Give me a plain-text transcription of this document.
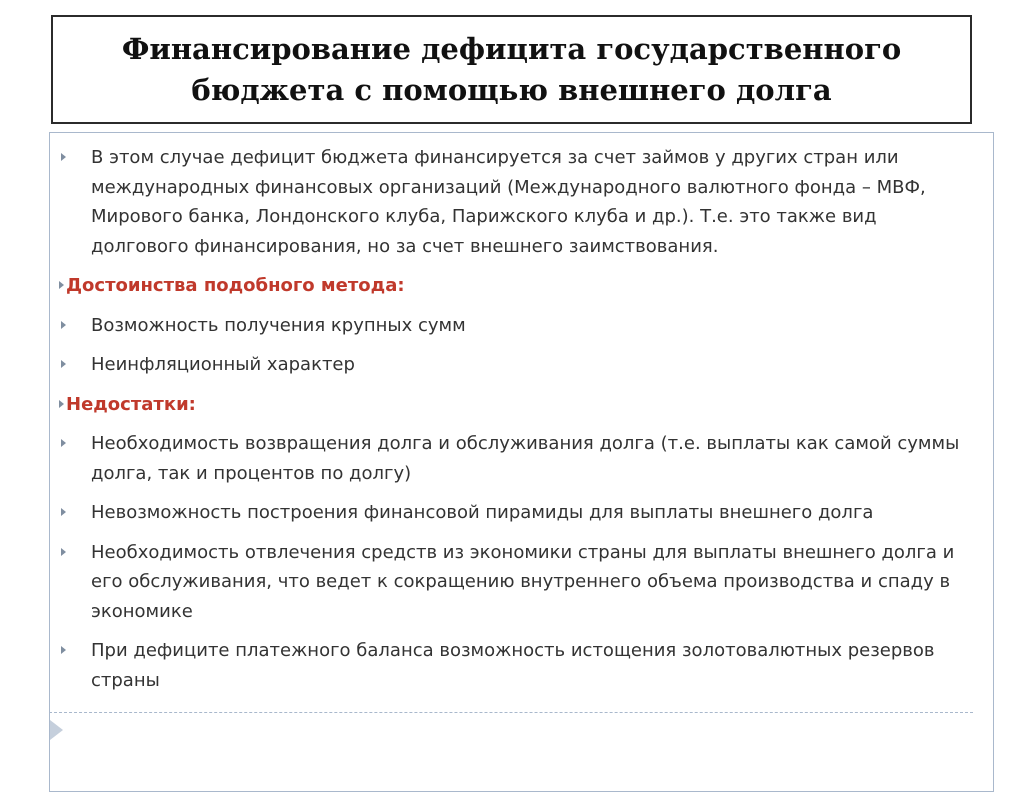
Финансирование дефицита государственного
бюджета с помощью внешнего долга
В этом случае дефицит бюджета финансируется за счет займов у других стран или международных финансовых организаций (Международного валютного фонда – МВФ, Мирового банка, Лондонского клуба, Парижского клуба и др.). Т.е. это также вид долгового финансирования, но за счет внешнего заимствования.
Достоинства подобного метода:
Возможность получения крупных сумм
Неинфляционный характер
Недостатки:
Необходимость возвращения долга и обслуживания долга (т.е. выплаты как самой суммы долга, так и процентов по долгу)
Невозможность построения финансовой пирамиды для выплаты внешнего долга
Необходимость отвлечения средств из экономики страны для выплаты внешнего долга и его обслуживания, что ведет к сокращению внутреннего объема производства и спаду в экономике
При дефиците платежного баланса возможность истощения золотовалютных резервов страны
